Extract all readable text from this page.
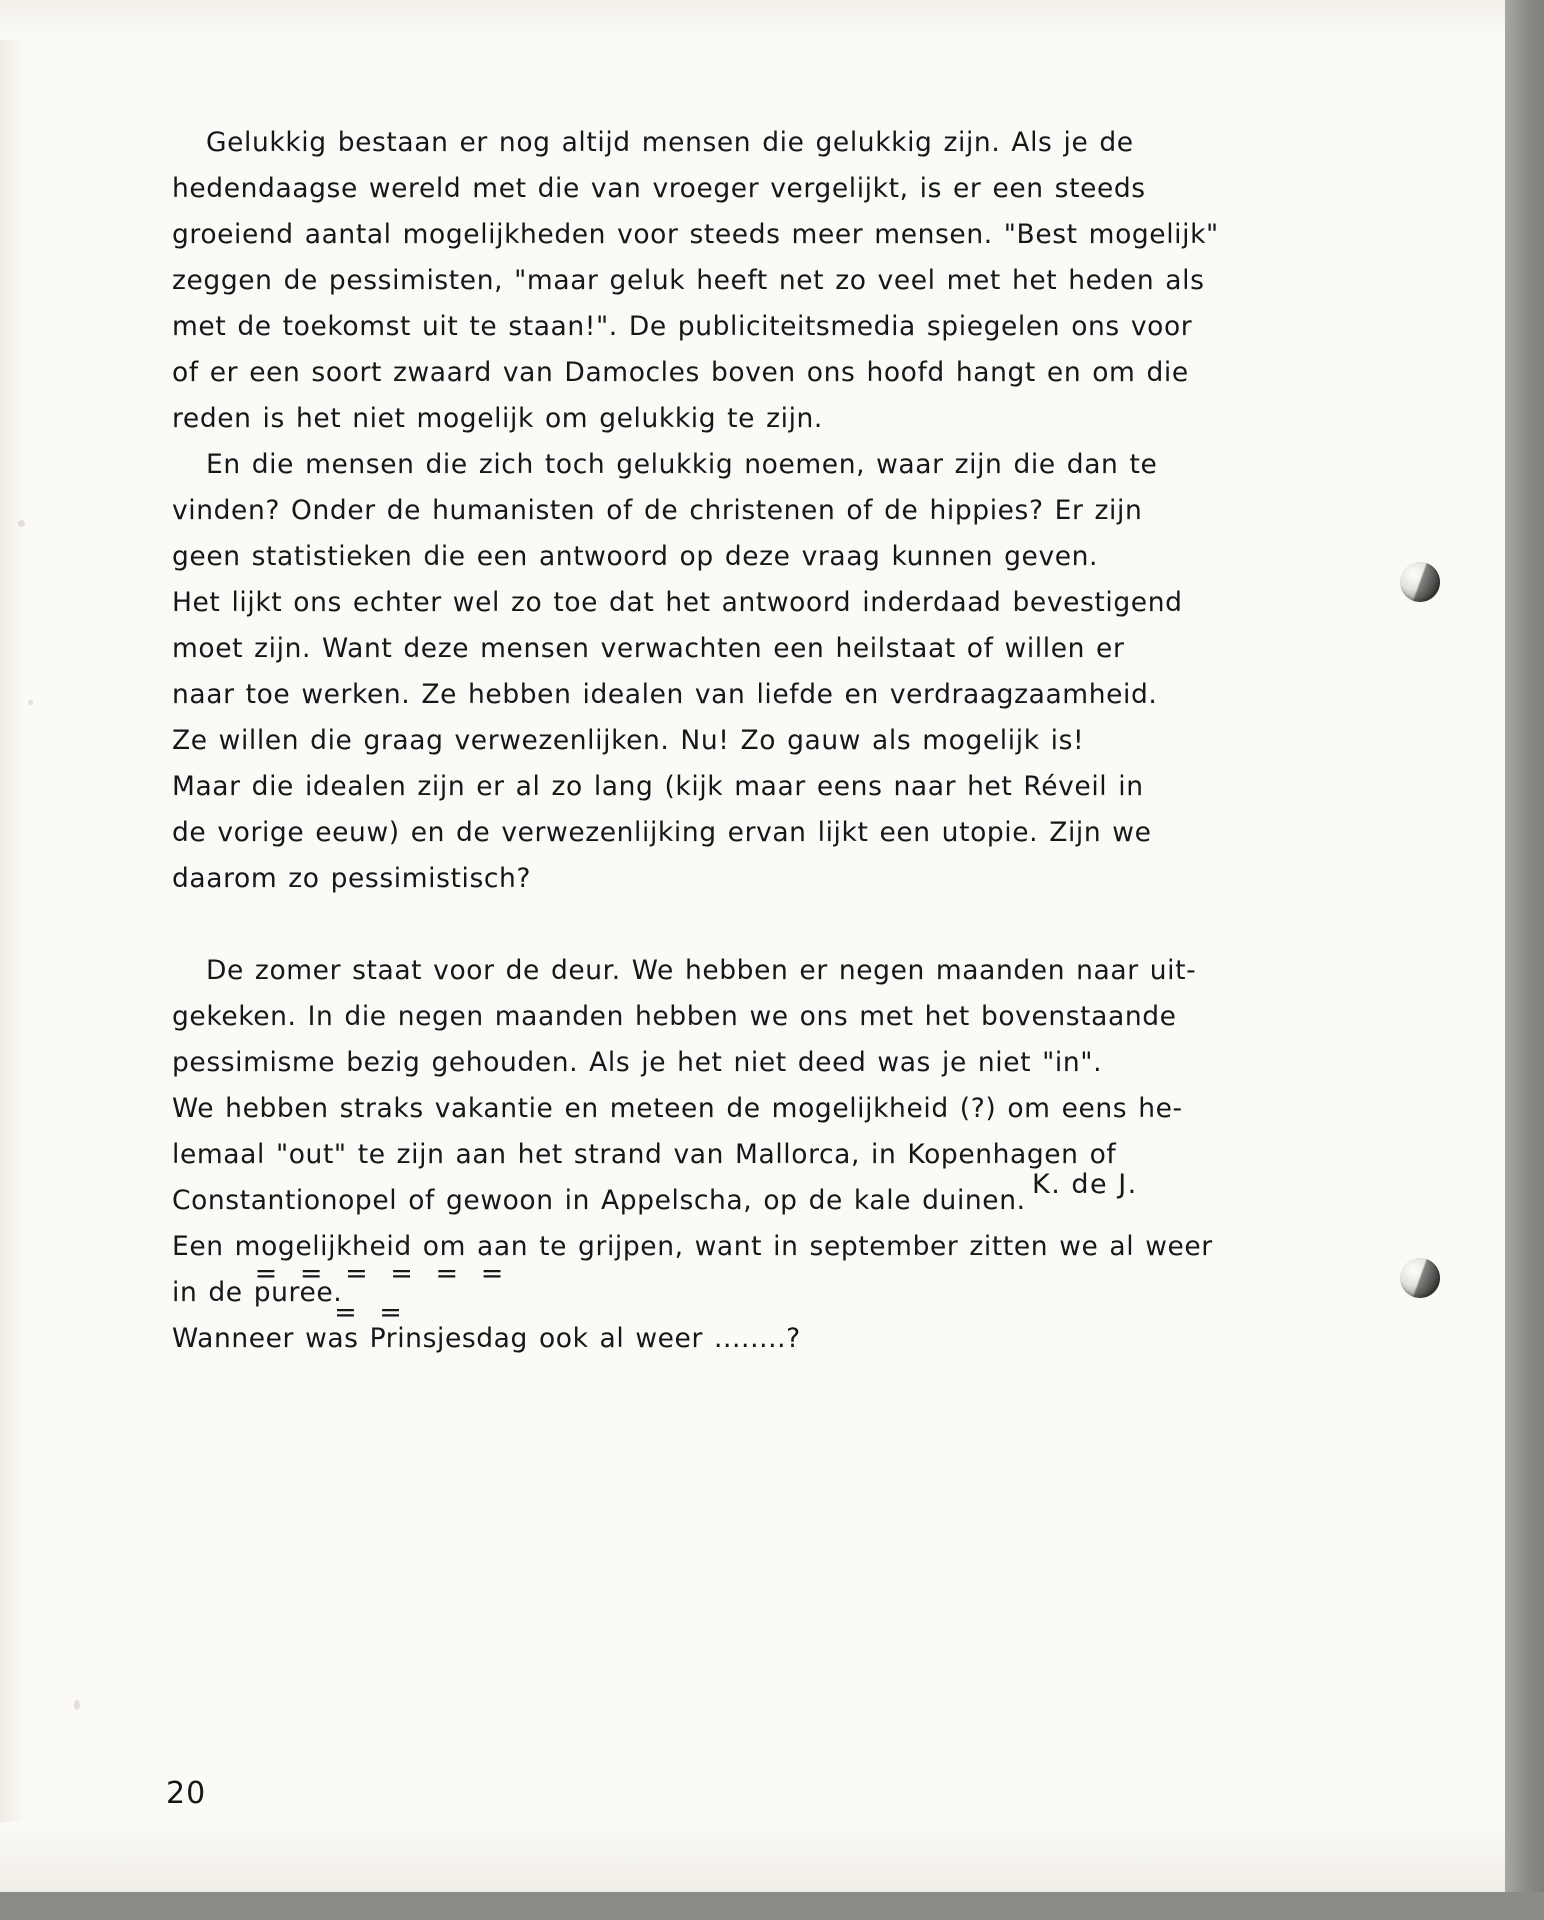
Gelukkig bestaan er nog altijd mensen die gelukkig zijn. Als je de
hedendaagse wereld met die van vroeger vergelijkt, is er een steeds
groeiend aantal mogelijkheden voor steeds meer mensen. "Best mogelijk"
zeggen de pessimisten, "maar geluk heeft net zo veel met het heden als
met de toekomst uit te staan!". De publiciteitsmedia spiegelen ons voor
of er een soort zwaard van Damocles boven ons hoofd hangt en om die
reden is het niet mogelijk om gelukkig te zijn.

En die mensen die zich toch gelukkig noemen, waar zijn die dan te
vinden? Onder de humanisten of de christenen of de hippies? Er zijn
geen statistieken die een antwoord op deze vraag kunnen geven.
Het lijkt ons echter wel zo toe dat het antwoord inderdaad bevestigend
moet zijn. Want deze mensen verwachten een heilstaat of willen er
naar toe werken. Ze hebben idealen van liefde en verdraagzaamheid.
Ze willen die graag verwezenlijken. Nu! Zo gauw als mogelijk is!
Maar die idealen zijn er al zo lang (kijk maar eens naar het Réveil in
de vorige eeuw) en de verwezenlijking ervan lijkt een utopie. Zijn we
daarom zo pessimistisch?

De zomer staat voor de deur. We hebben er negen maanden naar uit-
gekeken. In die negen maanden hebben we ons met het bovenstaande
pessimisme bezig gehouden. Als je het niet deed was je niet "in".
We hebben straks vakantie en meteen de mogelijkheid (?) om eens he-
lemaal "out" te zijn aan het strand van Mallorca, in Kopenhagen of
Constantionopel of gewoon in Appelscha, op de kale duinen.
Een mogelijkheid om aan te grijpen, want in september zitten we al weer
in de puree.
Wanneer was Prinsjesdag ook al weer ........?

K. de J.
= = = = = =
= =
20
